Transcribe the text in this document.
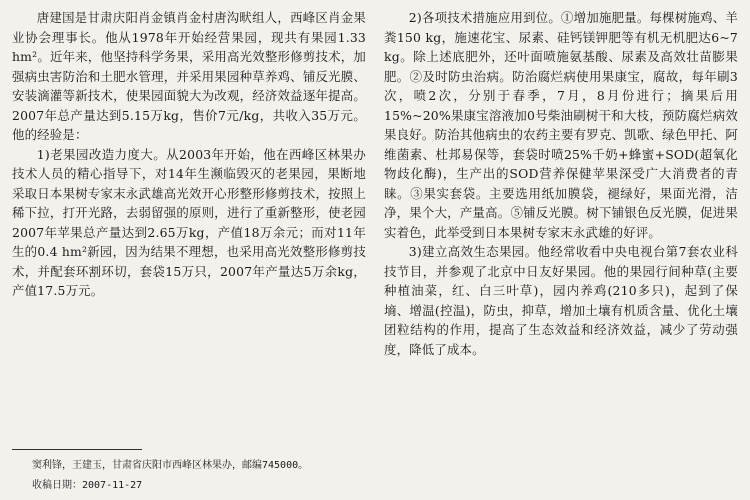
唐建国是甘肃庆阳肖金镇肖金村唐沟畎组人，西峰区肖金果业协会理事长。他从1978年开始经营果园，现共有果园1.33 hm²。近年来，他坚持科学务果，采用高光效整形修剪技术，加强病虫害防治和土肥水管理，并采用果园种草养鸡、铺反光膜、安装滴灌等新技术，使果园面貌大为改观，经济效益逐年提高。2007年总产量达到5.15万kg，售价7元/kg，共收入35万元。他的经验是：

1)老果园改造力度大。从2003年开始，他在西峰区林果办技术人员的精心指导下，对14年生濒临毁灭的老果园，果断地采取日本果树专家末永武雄高光效开心形整形修剪技术，按照上稀下拉，打开光路，去弱留强的原则，进行了重新整形，使老园2007年苹果总产量达到2.65万kg，产值18万余元；而对11年生的0.4 hm²新园，因为结果不理想，也采用高光效整形修剪技术，并配套环割环切，套袋15万只，2007年产量达5万余kg，产值17.5万元。

窦利锋，王建玉，甘肃省庆阳市西峰区林果办，邮编745000。

收稿日期：2007-11-27

2)各项技术措施应用到位。①增加施肥量。每棵树施鸡、羊粪150 kg，施速花宝、尿素、硅钙镁钾肥等有机无机肥达6~7 kg。除上述底肥外，还叶面喷施氨基酸、尿素及高效壮苗膨果肥。②及时防虫治病。防治腐烂病使用果康宝，腐故，每年刷3次，喷2次，分别于春季，7月，8月份进行；摘果后用15%~20%果康宝溶液加0号柴油刷树干和大枝，预防腐烂病效果良好。防治其他病虫的农药主要有罗克、凯歌、绿色甲托、阿维菌素、杜邦易保等，套袋时喷25%千奶+蜂蜜+SOD(超氧化物歧化酶)，生产出的SOD营养保健苹果深受广大消费者的青睐。③果实套袋。主要选用纸加膜袋，褪绿好，果面光滑，洁净，果个大，产量高。⑤铺反光膜。树下铺银色反光膜，促进果实着色，此举受到日本果树专家末永武雄的好评。

3)建立高效生态果园。他经常收看中央电视台第7套农业科技节目，并参观了北京中日友好果园。他的果园行间种草(主要种植油菜，红、白三叶草)，园内养鸡(210多只)，起到了保墒、增温(控温)，防虫，抑草，增加土壤有机质含量、优化土壤团粒结构的作用，提高了生态效益和经济效益，减少了劳动强度，降低了成本。
